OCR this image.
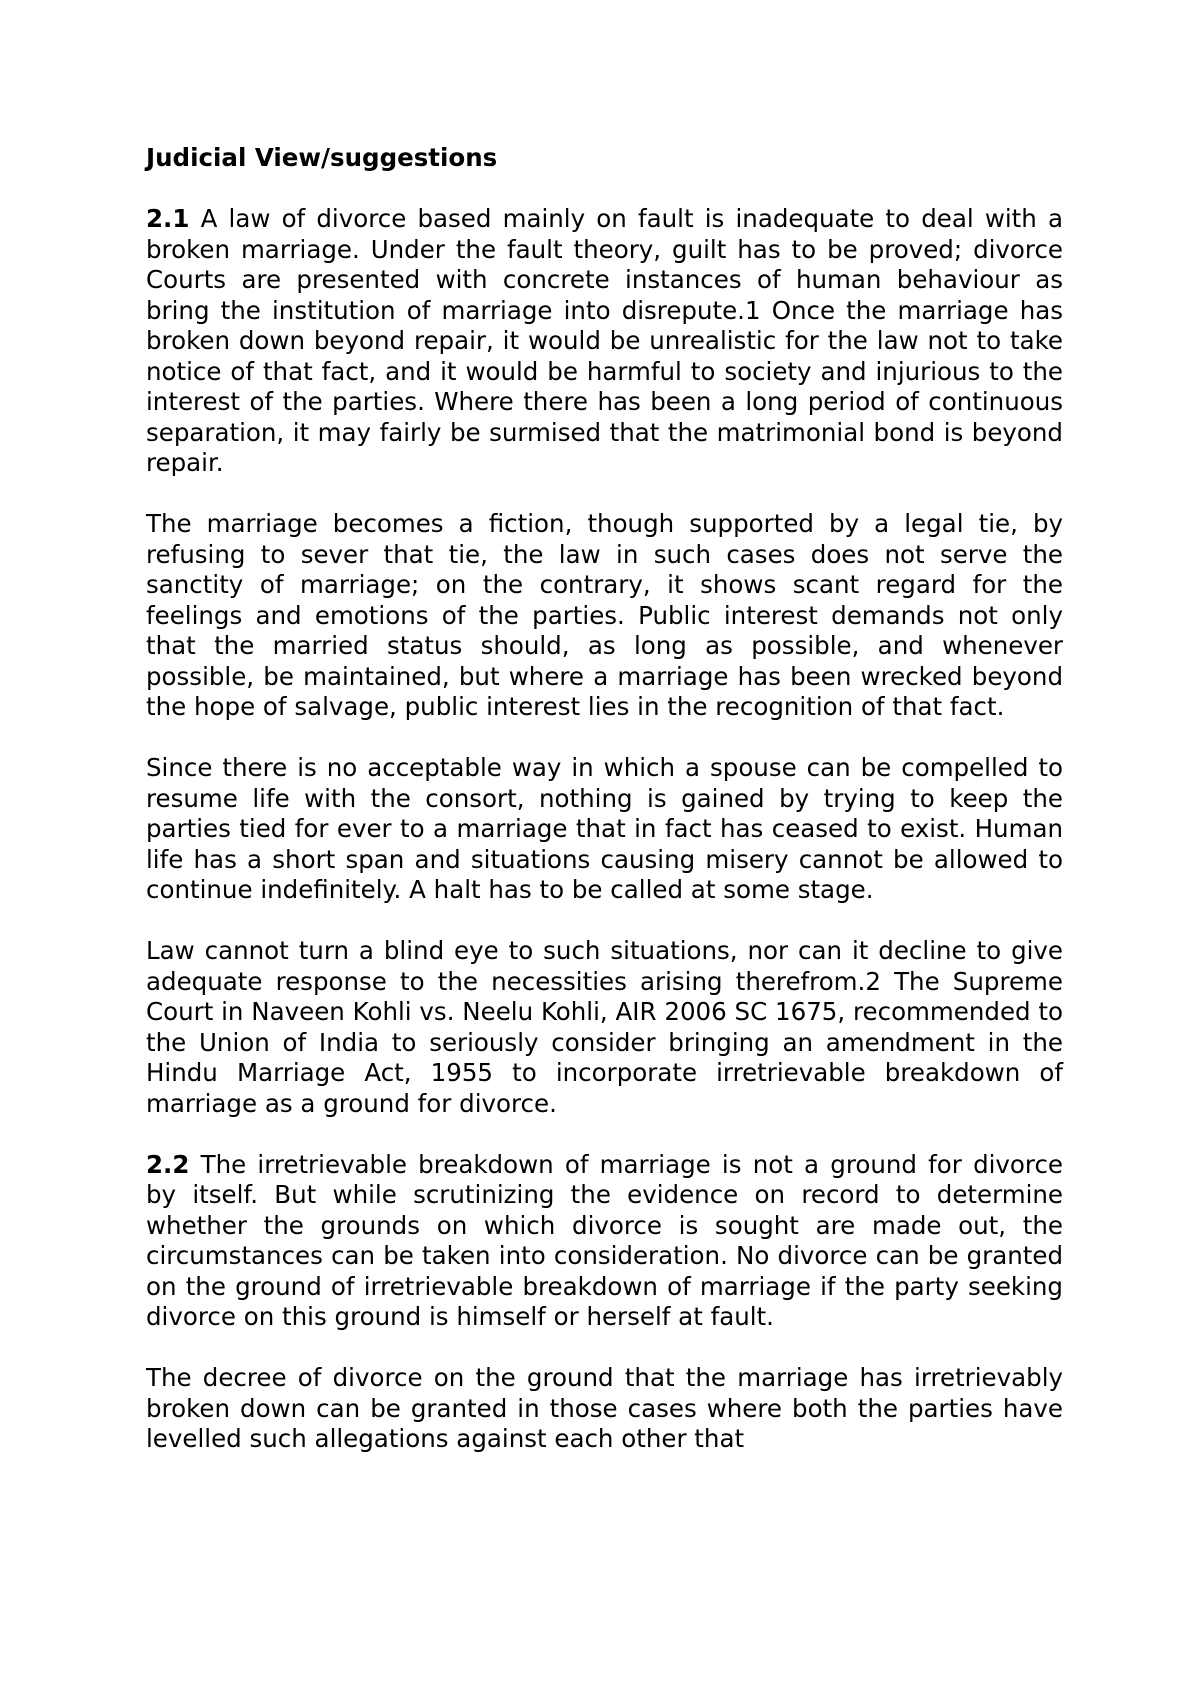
Judicial View/suggestions
2.1 A law of divorce based mainly on fault is inadequate to deal with a broken marriage. Under the fault theory, guilt has to be proved; divorce Courts are presented with concrete instances of human behaviour as bring the institution of marriage into disrepute.1 Once the marriage has broken down beyond repair, it would be unrealistic for the law not to take notice of that fact, and it would be harmful to society and injurious to the interest of the parties. Where there has been a long period of continuous separation, it may fairly be surmised that the matrimonial bond is beyond repair.
The marriage becomes a fiction, though supported by a legal tie, by refusing to sever that tie, the law in such cases does not serve the sanctity of marriage; on the contrary, it shows scant regard for the feelings and emotions of the parties. Public interest demands not only that the married status should, as long as possible, and whenever possible, be maintained, but where a marriage has been wrecked beyond the hope of salvage, public interest lies in the recognition of that fact.
Since there is no acceptable way in which a spouse can be compelled to resume life with the consort, nothing is gained by trying to keep the parties tied for ever to a marriage that in fact has ceased to exist. Human life has a short span and situations causing misery cannot be allowed to continue indefinitely. A halt has to be called at some stage.
Law cannot turn a blind eye to such situations, nor can it decline to give adequate response to the necessities arising therefrom.2 The Supreme Court in Naveen Kohli vs. Neelu Kohli, AIR 2006 SC 1675, recommended to the Union of India to seriously consider bringing an amendment in the Hindu Marriage Act, 1955 to incorporate irretrievable breakdown of marriage as a ground for divorce.
2.2 The irretrievable breakdown of marriage is not a ground for divorce by itself. But while scrutinizing the evidence on record to determine whether the grounds on which divorce is sought are made out, the circumstances can be taken into consideration. No divorce can be granted on the ground of irretrievable breakdown of marriage if the party seeking divorce on this ground is himself or herself at fault.
The decree of divorce on the ground that the marriage has irretrievably broken down can be granted in those cases where both the parties have levelled such allegations against each other that
